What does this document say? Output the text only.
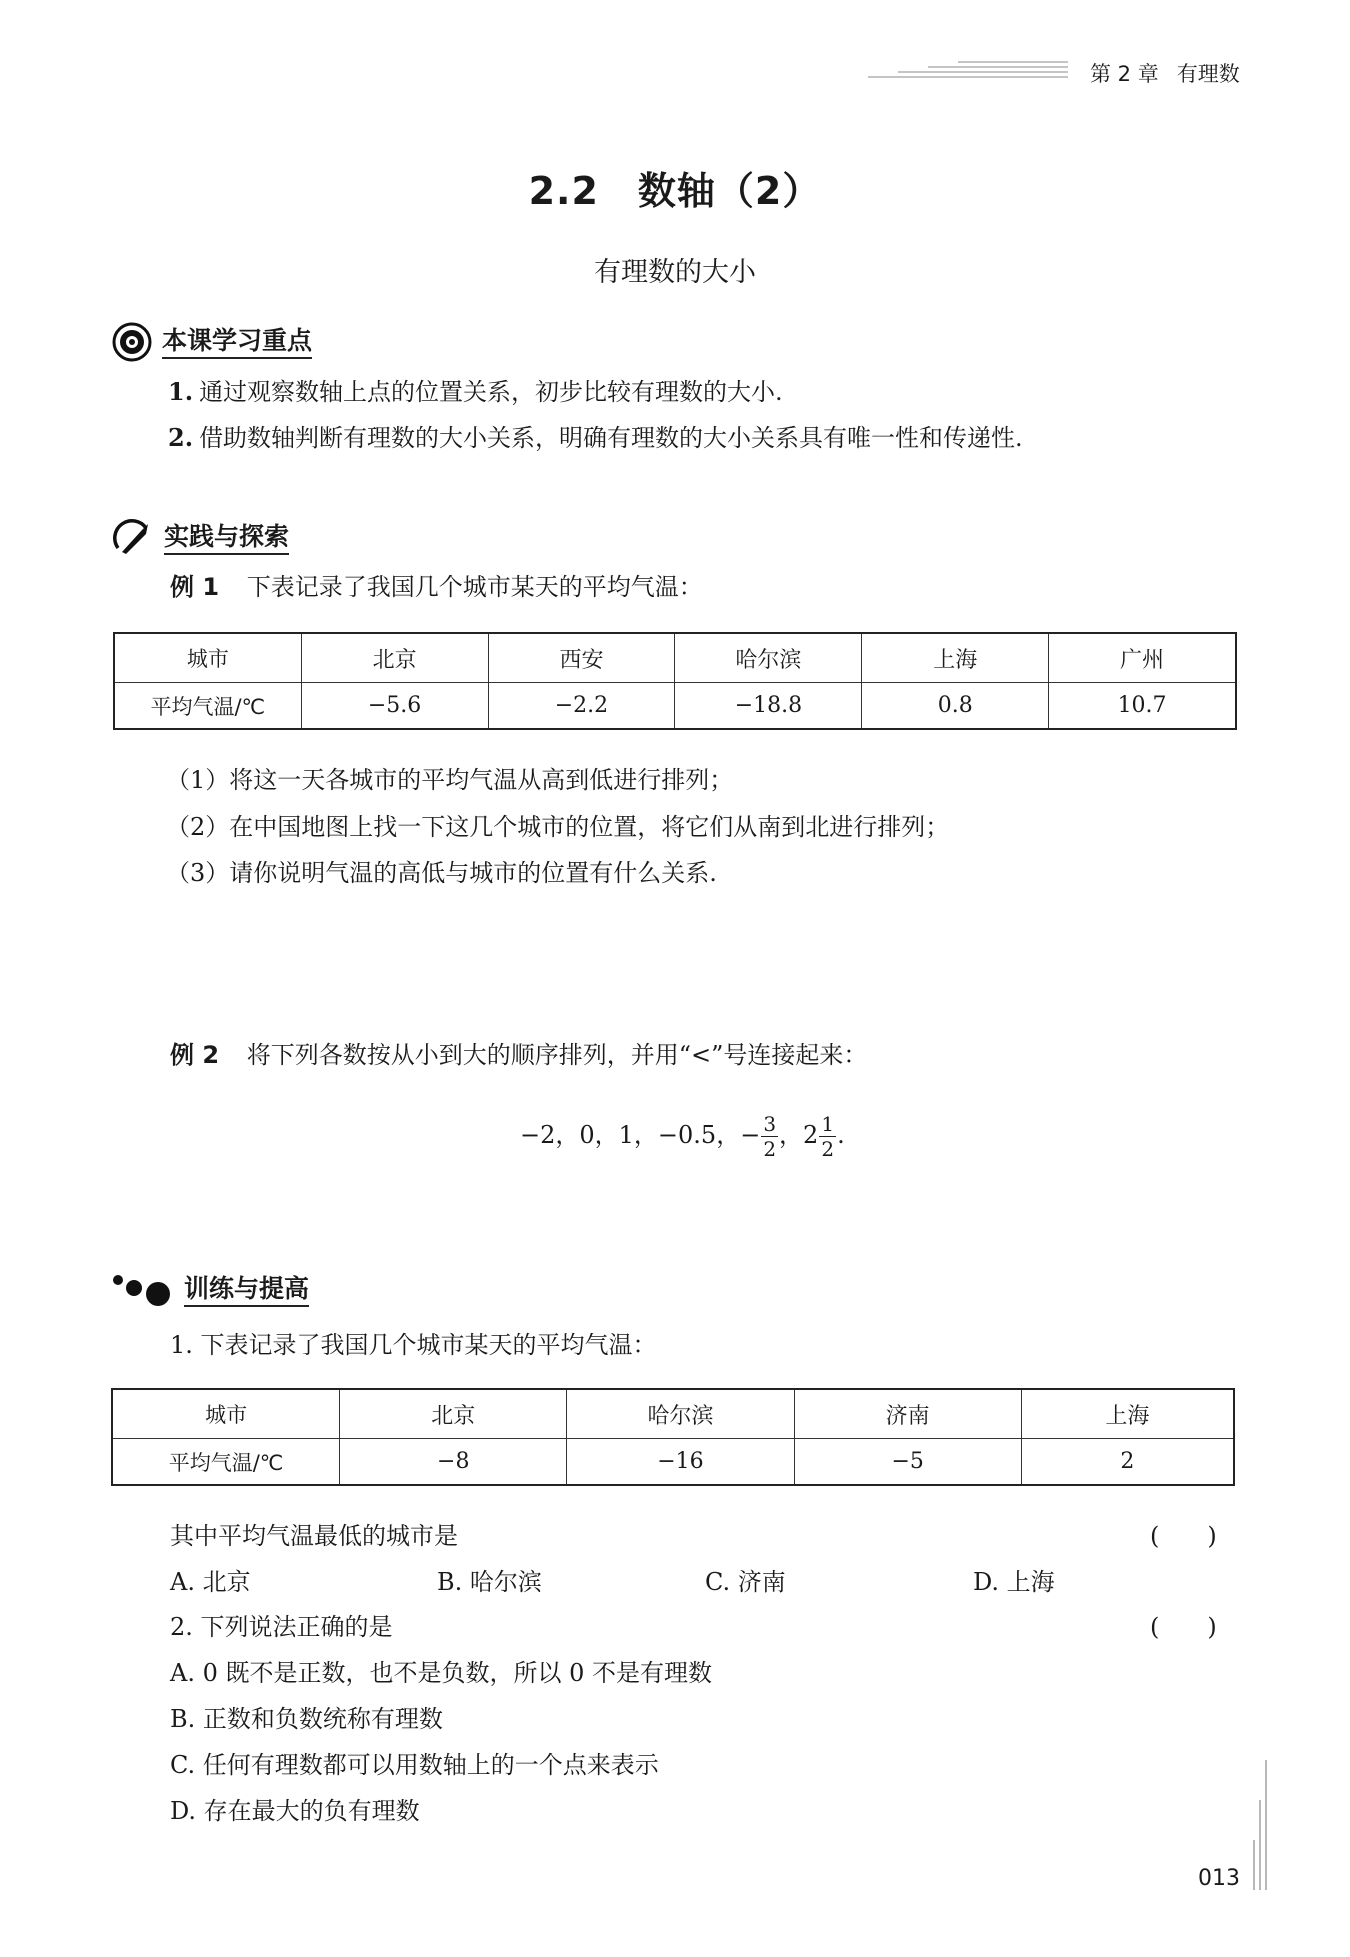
第 2 章 有理数
2.2　数轴（2）
有理数的大小
本课学习重点
1. 通过观察数轴上点的位置关系，初步比较有理数的大小.
2. 借助数轴判断有理数的大小关系，明确有理数的大小关系具有唯一性和传递性.
实践与探索
例 1 下表记录了我国几个城市某天的平均气温：
城市	北京	西安	哈尔滨	上海	广州
平均气温/℃	−5.6	−2.2	−18.8	0.8	10.7
（1）将这一天各城市的平均气温从高到低进行排列；
（2）在中国地图上找一下这几个城市的位置，将它们从南到北进行排列；
（3）请你说明气温的高低与城市的位置有什么关系.
例 2 将下列各数按从小到大的顺序排列，并用“<”号连接起来：
−2，0，1，−0.5，− $\frac{3}{2}$ ，$2 \frac{1}{2}$ .
训练与提高
1. 下表记录了我国几个城市某天的平均气温：
城市	北京	哈尔滨	济南	上海
平均气温/℃	−8	−16	−5	2
其中平均气温最低的城市是	(　　)
A. 北京	B. 哈尔滨	C. 济南	D. 上海
2. 下列说法正确的是	(　　)
A. 0 既不是正数，也不是负数，所以 0 不是有理数
B. 正数和负数统称有理数
C. 任何有理数都可以用数轴上的一个点来表示
D. 存在最大的负有理数
013
